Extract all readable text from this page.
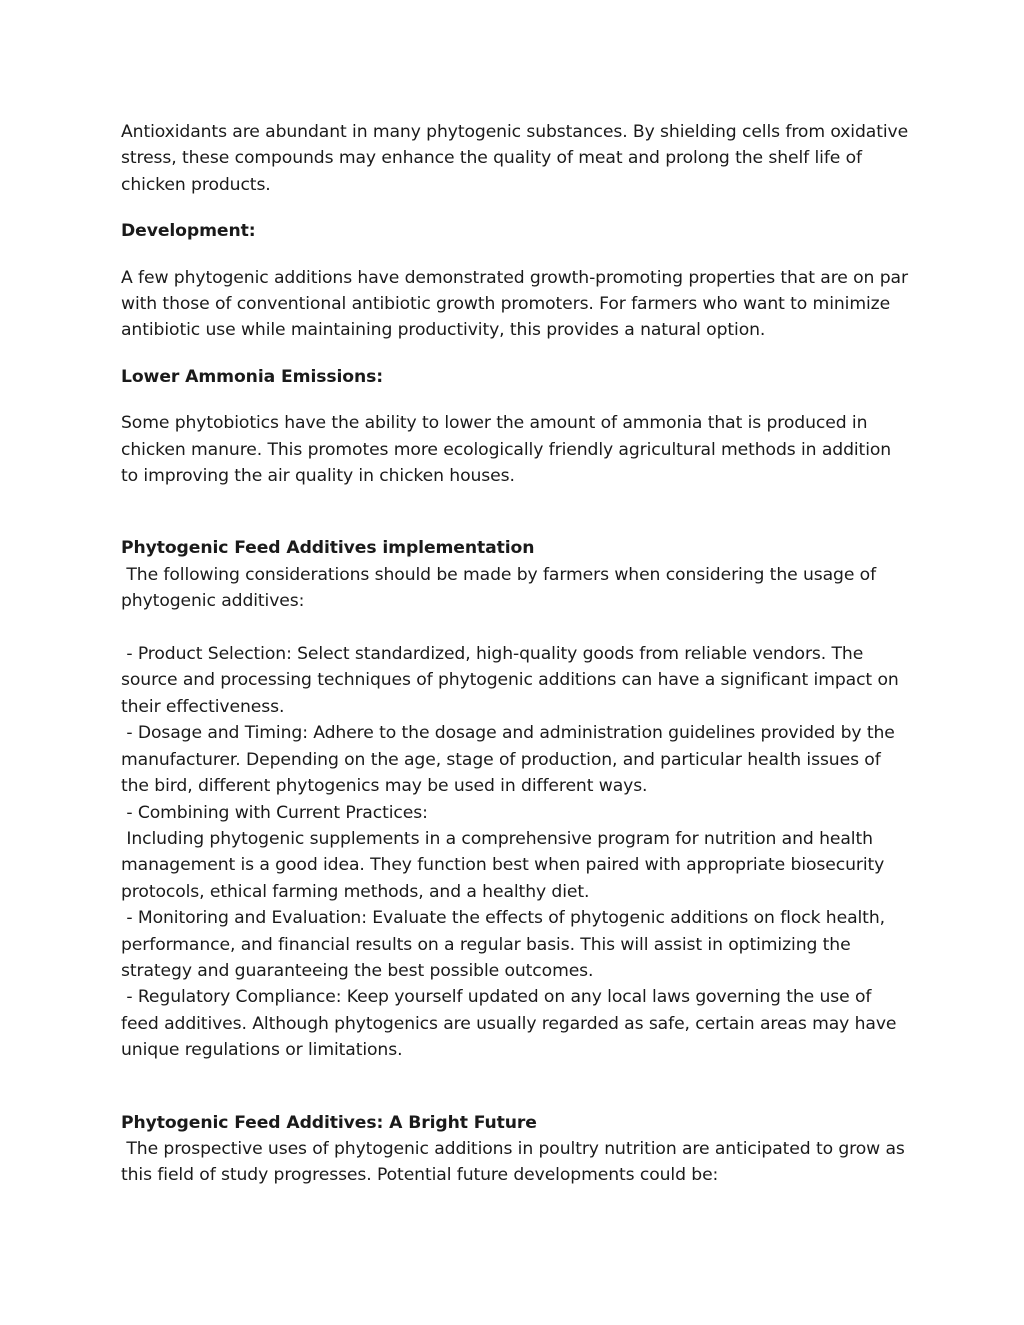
Antioxidants are abundant in many phytogenic substances. By shielding cells from oxidative stress, these compounds may enhance the quality of meat and prolong the shelf life of chicken products.

Development:

A few phytogenic additions have demonstrated growth-promoting properties that are on par with those of conventional antibiotic growth promoters. For farmers who want to minimize antibiotic use while maintaining productivity, this provides a natural option.

Lower Ammonia Emissions:

Some phytobiotics have the ability to lower the amount of ammonia that is produced in chicken manure. This promotes more ecologically friendly agricultural methods in addition to improving the air quality in chicken houses.

Phytogenic Feed Additives implementation

The following considerations should be made by farmers when considering the usage of phytogenic additives:

- Product Selection: Select standardized, high-quality goods from reliable vendors. The source and processing techniques of phytogenic additions can have a significant impact on their effectiveness.

- Dosage and Timing: Adhere to the dosage and administration guidelines provided by the manufacturer. Depending on the age, stage of production, and particular health issues of the bird, different phytogenics may be used in different ways.

- Combining with Current Practices:

Including phytogenic supplements in a comprehensive program for nutrition and health management is a good idea. They function best when paired with appropriate biosecurity protocols, ethical farming methods, and a healthy diet.

- Monitoring and Evaluation: Evaluate the effects of phytogenic additions on flock health, performance, and financial results on a regular basis. This will assist in optimizing the strategy and guaranteeing the best possible outcomes.

- Regulatory Compliance: Keep yourself updated on any local laws governing the use of feed additives. Although phytogenics are usually regarded as safe, certain areas may have unique regulations or limitations.

Phytogenic Feed Additives: A Bright Future

The prospective uses of phytogenic additions in poultry nutrition are anticipated to grow as this field of study progresses. Potential future developments could be:
